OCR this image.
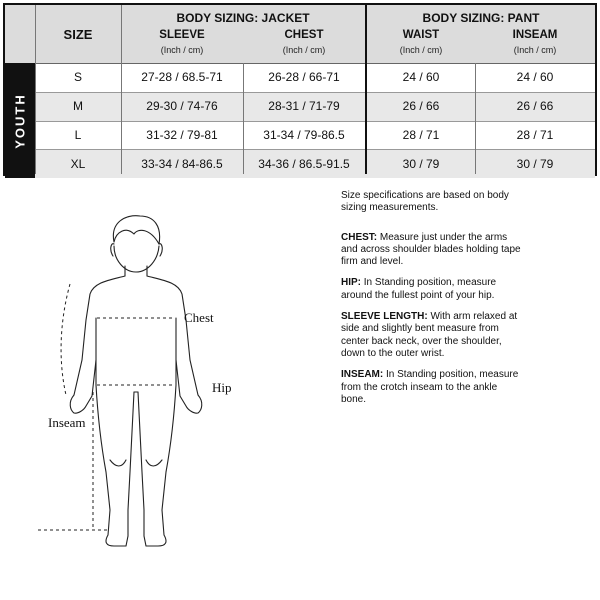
YOUTH
SIZE
BODY SIZING: JACKET
SLEEVE
(Inch / cm)
CHEST
(Inch / cm)
BODY SIZING: PANT
WAIST
(Inch / cm)
INSEAM
(Inch / cm)
S	27-28 / 68.5-71	26-28 / 66-71	24 / 60	24 / 60
M	29-30 / 74-76	28-31 / 71-79	26 / 66	26 / 66
L	31-32 / 79-81	31-34 / 79-86.5	28 / 71	28 / 71
XL	33-34 / 84-86.5	34-36 / 86.5-91.5	30 / 79	30 / 79
Chest
Hip
Inseam

Size specifications are based on body sizing measurements.

CHEST: Measure just under the arms and across shoulder blades holding tape firm and level.

HIP: In Standing position, measure around the fullest point of your hip.

SLEEVE LENGTH: With arm relaxed at side and slightly bent measure from center back neck, over the shoulder, down to the outer wrist.

INSEAM: In Standing position, measure from the crotch inseam to the ankle bone.
